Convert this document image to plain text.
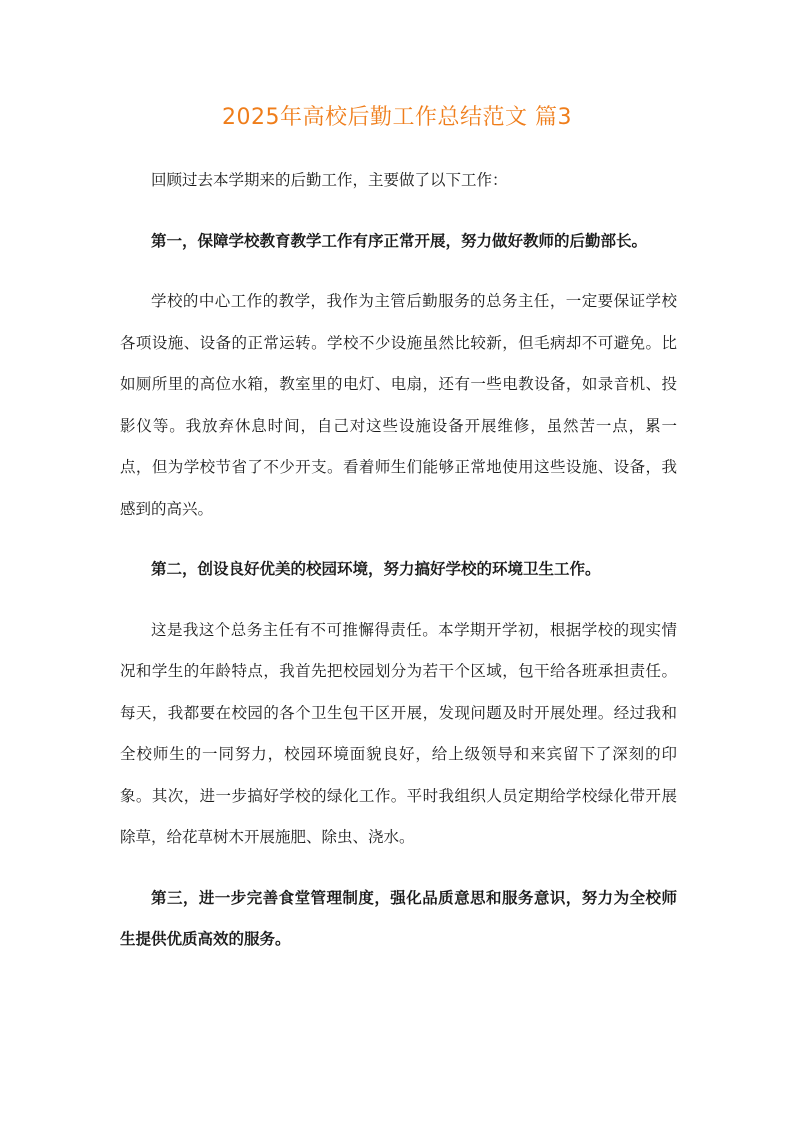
2025年高校后勤工作总结范文 篇3

回顾过去本学期来的后勤工作，主要做了以下工作：

第一，保障学校教育教学工作有序正常开展，努力做好教师的后勤部长。

学校的中心工作的教学，我作为主管后勤服务的总务主任，一定要保证学校各项设施、设备的正常运转。学校不少设施虽然比较新，但毛病却不可避免。比如厕所里的高位水箱，教室里的电灯、电扇，还有一些电教设备，如录音机、投影仪等。我放弃休息时间，自己对这些设施设备开展维修，虽然苦一点，累一点，但为学校节省了不少开支。看着师生们能够正常地使用这些设施、设备，我感到的高兴。

第二，创设良好优美的校园环境，努力搞好学校的环境卫生工作。

这是我这个总务主任有不可推懈得责任。本学期开学初，根据学校的现实情况和学生的年龄特点，我首先把校园划分为若干个区域，包干给各班承担责任。每天，我都要在校园的各个卫生包干区开展，发现问题及时开展处理。经过我和全校师生的一同努力，校园环境面貌良好，给上级领导和来宾留下了深刻的印象。其次，进一步搞好学校的绿化工作。平时我组织人员定期给学校绿化带开展除草，给花草树木开展施肥、除虫、浇水。

第三，进一步完善食堂管理制度，强化品质意思和服务意识，努力为全校师生提供优质高效的服务。
